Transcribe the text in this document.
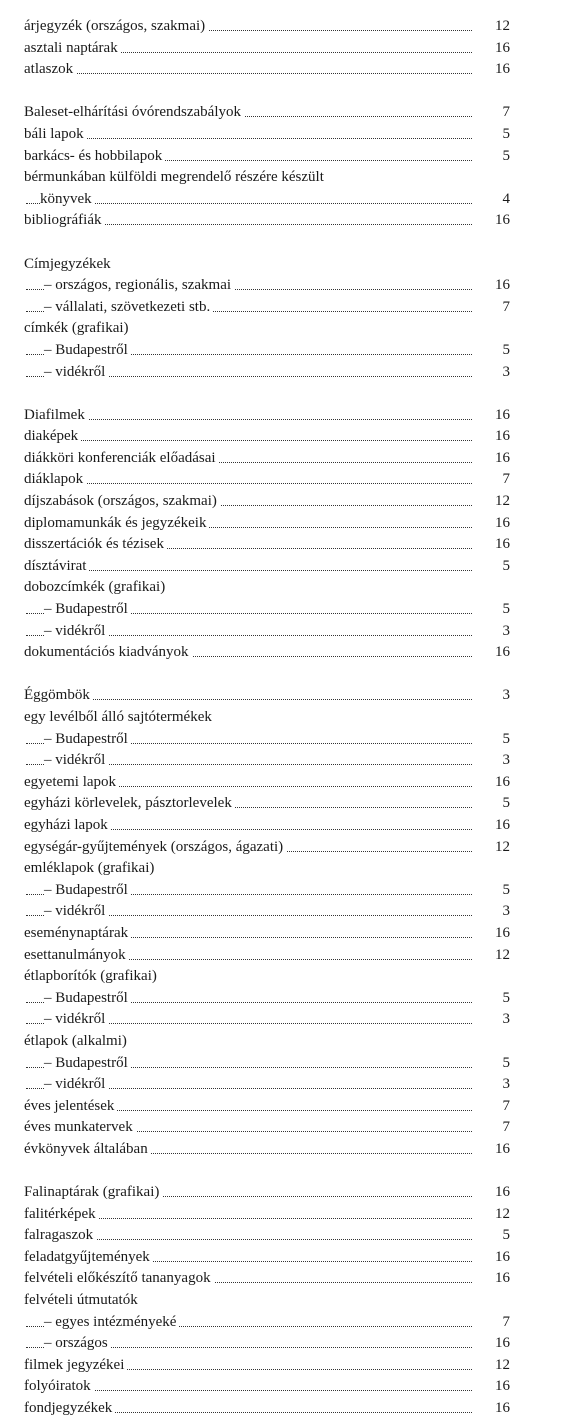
árjegyzék (országos, szakmai)	12
asztali naptárak	16
atlaszok	16
Baleset-elhárítási óvórendszabályok	7
báli lapok	5
barkács- és hobbilapok	5
bérmunkában külföldi megrendelő részére készült
könyvek	4
bibliográfiák	16
Címjegyzékek
– országos, regionális, szakmai	16
– vállalati, szövetkezeti stb.	7
címkék (grafikai)
– Budapestről	5
– vidékről	3
Diafilmek	16
diaképek	16
diákköri konferenciák előadásai	16
diáklapok	7
díjszabások (országos, szakmai)	12
diplomamunkák és jegyzékeik	16
disszertációk és tézisek	16
dísztávirat	5
dobozcímkék (grafikai)
– Budapestről	5
– vidékről	3
dokumentációs kiadványok	16
Éggömbök	3
egy levélből álló sajtótermékek
– Budapestről	5
– vidékről	3
egyetemi lapok	16
egyházi körlevelek, pásztorlevelek	5
egyházi lapok	16
egységár-gyűjtemények (országos, ágazati)	12
emléklapok (grafikai)
– Budapestről	5
– vidékről	3
eseménynaptárak	16
esettanulmányok	12
étlapborítók (grafikai)
– Budapestről	5
– vidékről	3
étlapok (alkalmi)
– Budapestről	5
– vidékről	3
éves jelentések	7
éves munkatervek	7
évkönyvek általában	16
Falinaptárak (grafikai)	16
falitérképek	12
falragaszok	5
feladatgyűjtemények	16
felvételi előkészítő tananyagok	16
felvételi útmutatók
– egyes intézményeké	7
– országos	16
filmek jegyzékei	12
folyóiratok	16
fondjegyzékek	16
